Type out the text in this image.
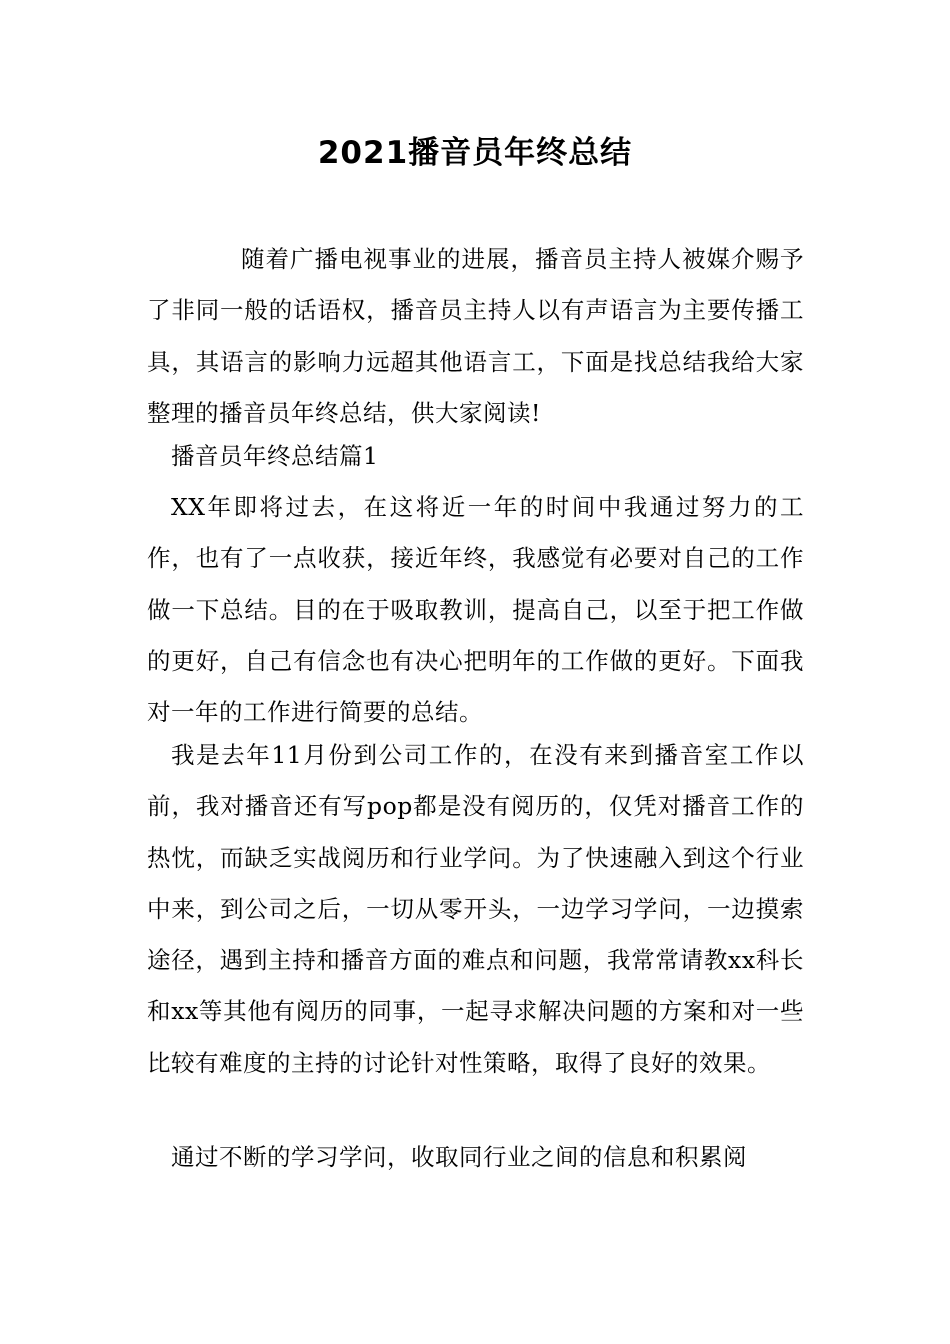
2021播音员年终总结

随着广播电视事业的进展，播音员主持人被媒介赐予了非同一般的话语权，播音员主持人以有声语言为主要传播工具，其语言的影响力远超其他语言工，下面是找总结我给大家整理的播音员年终总结，供大家阅读!

播音员年终总结篇1

XX年即将过去，在这将近一年的时间中我通过努力的工作，也有了一点收获，接近年终，我感觉有必要对自己的工作做一下总结。目的在于吸取教训，提高自己，以至于把工作做的更好，自己有信念也有决心把明年的工作做的更好。下面我对一年的工作进行简要的总结。

我是去年11月份到公司工作的，在没有来到播音室工作以前，我对播音还有写pop都是没有阅历的，仅凭对播音工作的热忱，而缺乏实战阅历和行业学问。为了快速融入到这个行业中来，到公司之后，一切从零开头，一边学习学问，一边摸索途径，遇到主持和播音方面的难点和问题，我常常请教xx科长和xx等其他有阅历的同事，一起寻求解决问题的方案和对一些比较有难度的主持的讨论针对性策略，取得了良好的效果。

通过不断的学习学问，收取同行业之间的信息和积累阅
